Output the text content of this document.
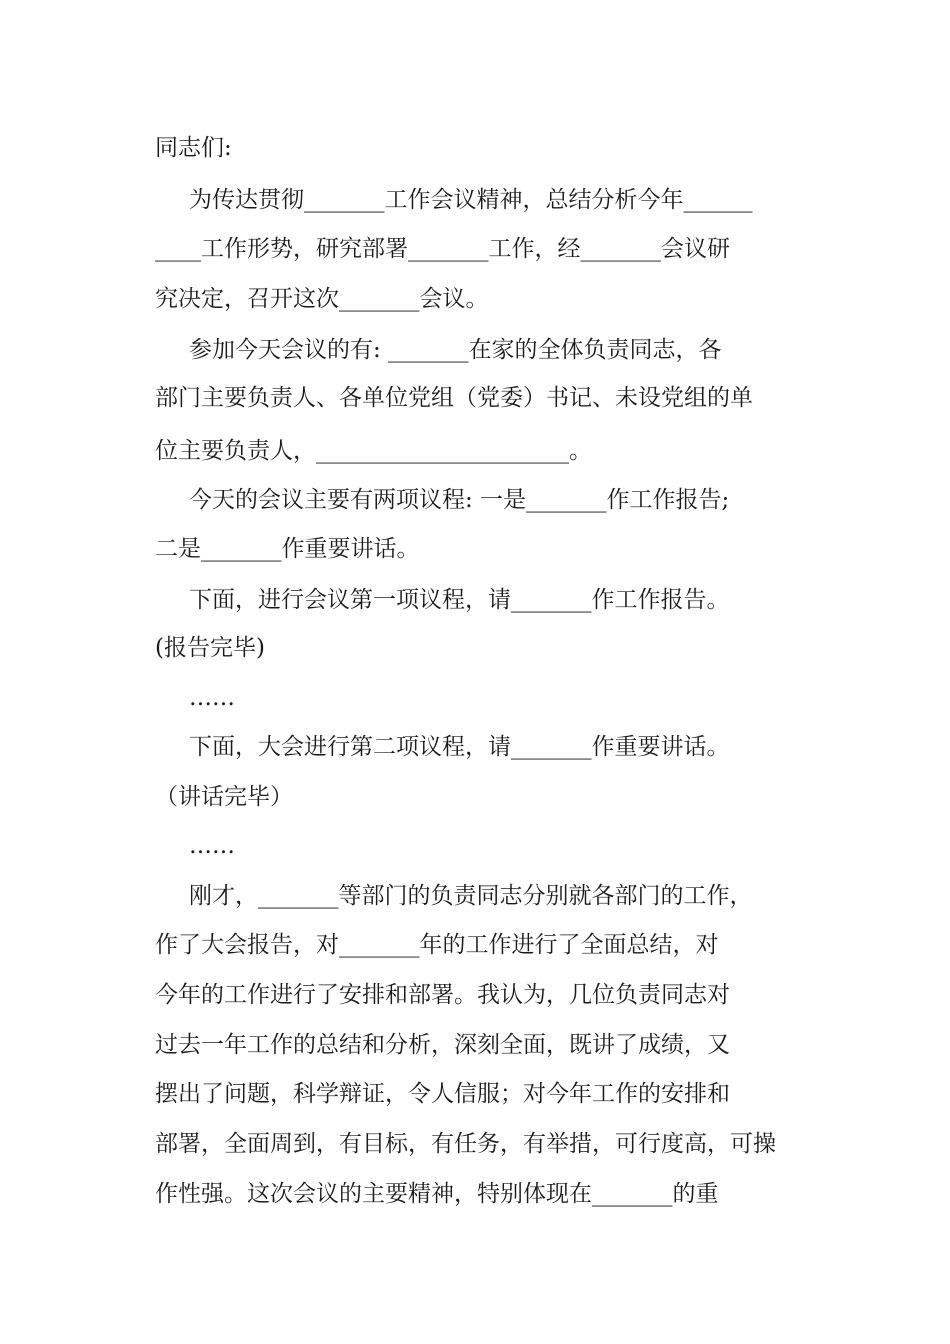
同志们:
为传达贯彻_______工作会议精神，总结分析今年______
____工作形势，研究部署_______工作，经_______会议研
究决定，召开这次_______会议。
参加今天会议的有: _______在家的全体负责同志，各
部门主要负责人、各单位党组（党委）书记、未设党组的单
位主要负责人，______________________。
今天的会议主要有两项议程: 一是_______作工作报告;
二是_______作重要讲话。
下面，进行会议第一项议程，请_______作工作报告。
(报告完毕)
……
下面，大会进行第二项议程，请_______作重要讲话。
（讲话完毕）
……
刚才，_______等部门的负责同志分别就各部门的工作，
作了大会报告，对_______年的工作进行了全面总结，对
今年的工作进行了安排和部署。我认为，几位负责同志对
过去一年工作的总结和分析，深刻全面，既讲了成绩，又
摆出了问题，科学辩证，令人信服；对今年工作的安排和
部署，全面周到，有目标，有任务，有举措，可行度高，可操
作性强。这次会议的主要精神，特别体现在_______的重
